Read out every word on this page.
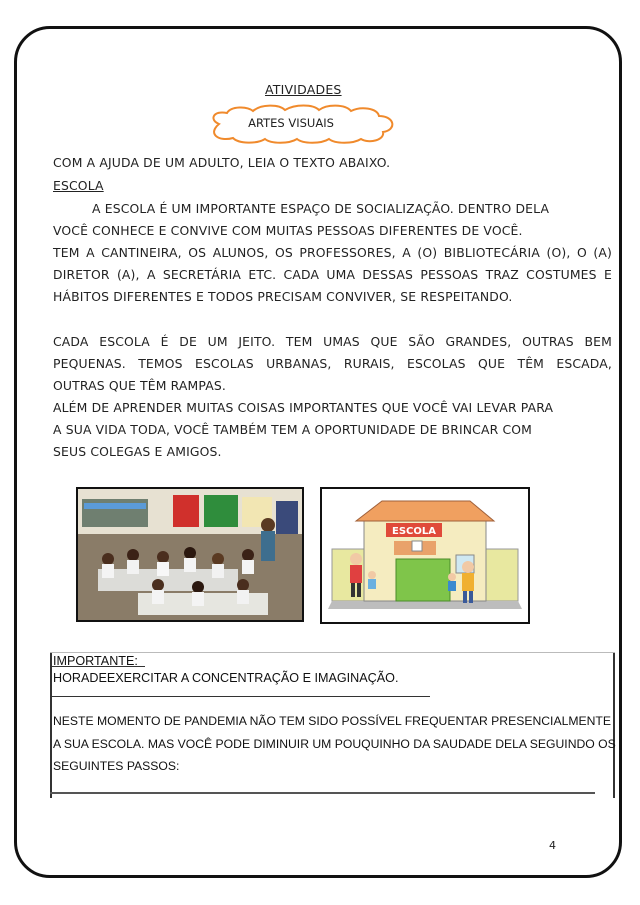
ATIVIDADES
ARTES VISUAIS
COM A AJUDA DE UM ADULTO, LEIA O TEXTO ABAIXO.
ESCOLA
A ESCOLA É UM IMPORTANTE ESPAÇO DE SOCIALIZAÇÃO. DENTRO DELA
VOCÊ CONHECE E CONVIVE COM MUITAS PESSOAS DIFERENTES DE VOCÊ.
TEM A CANTINEIRA, OS ALUNOS, OS PROFESSORES, A (O) BIBLIOTECÁRIA (O), O (A)
DIRETOR (A), A SECRETÁRIA ETC. CADA UMA DESSAS PESSOAS TRAZ COSTUMES E
HÁBITOS DIFERENTES E TODOS PRECISAM CONVIVER, SE RESPEITANDO.
CADA ESCOLA É DE UM JEITO. TEM UMAS QUE SÃO GRANDES, OUTRAS BEM
PEQUENAS. TEMOS ESCOLAS URBANAS, RURAIS, ESCOLAS QUE TÊM ESCADA,
OUTRAS QUE TÊM RAMPAS.
ALÉM DE APRENDER MUITAS COISAS IMPORTANTES QUE VOCÊ VAI LEVAR PARA
A SUA VIDA TODA, VOCÊ TAMBÉM TEM A OPORTUNIDADE DE BRINCAR COM
SEUS COLEGAS E AMIGOS.
ESCOLA
IMPORTANTE:
HORADEEXERCITAR A CONCENTRAÇÃO E IMAGINAÇÃO.
NESTE MOMENTO DE PANDEMIA NÃO TEM SIDO POSSÍVEL FREQUENTAR PRESENCIALMENTE
A SUA ESCOLA. MAS VOCÊ PODE DIMINUIR UM POUQUINHO DA SAUDADE DELA SEGUINDO OS
SEGUINTES PASSOS:
4
